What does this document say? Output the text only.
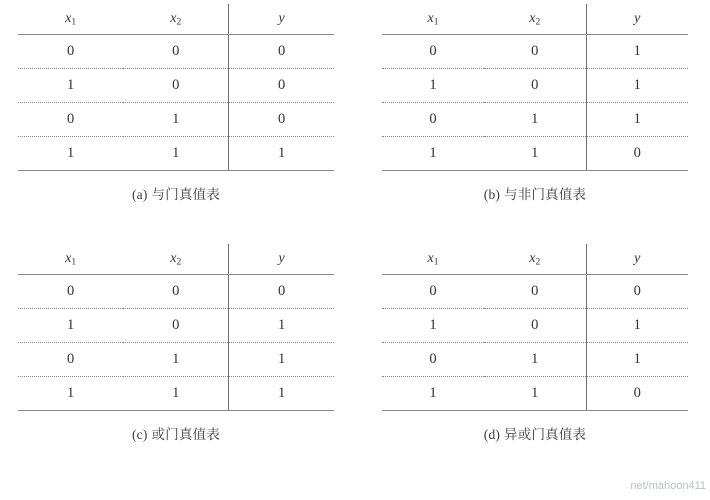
$x_1$	$x_2$	y
0	0	0
1	0	0
0	1	0
1	1	1
(a) 与门真值表
$x_1$	$x_2$	y
0	0	1
1	0	1
0	1	1
1	1	0
(b) 与非门真值表
$x_1$	$x_2$	y
0	0	0
1	0	1
0	1	1
1	1	1
(c) 或门真值表
$x_1$	$x_2$	y
0	0	0
1	0	1
0	1	1
1	1	0
(d) 异或门真值表
net/mahoon411
